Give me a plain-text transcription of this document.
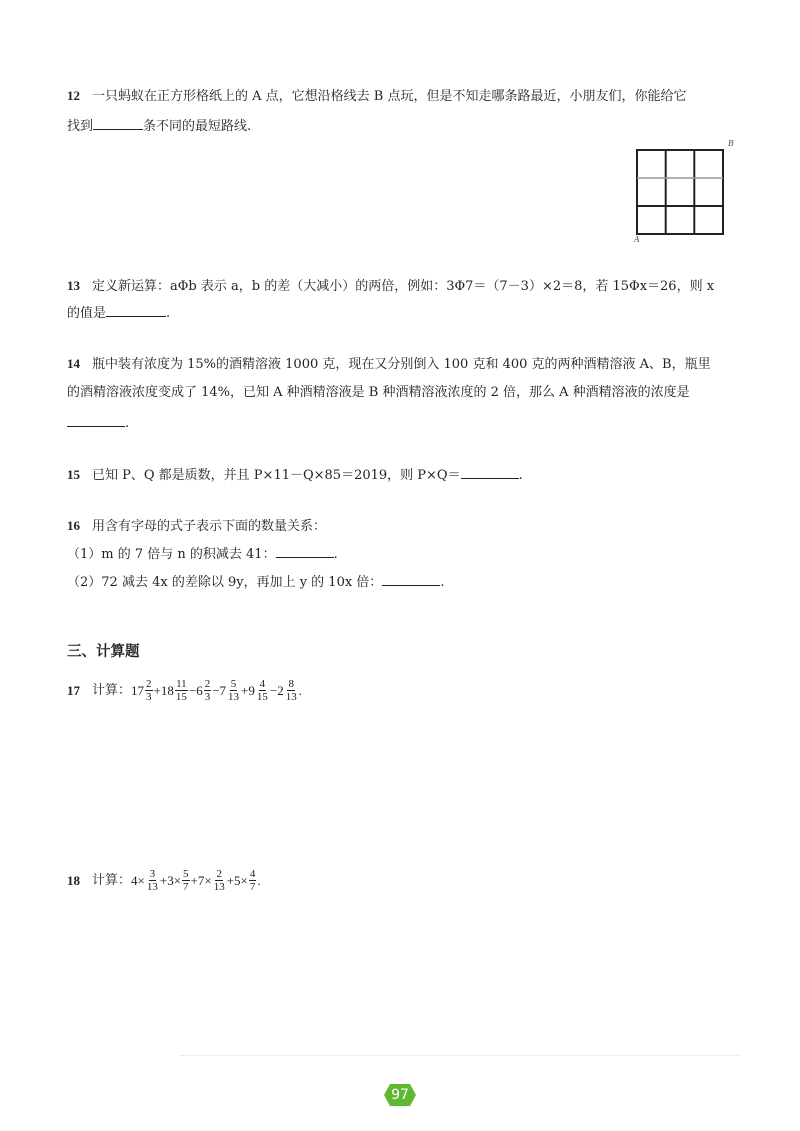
12 一只蚂蚁在正方形格纸上的 A 点，它想沿格线去 B 点玩，但是不知走哪条路最近，小朋友们，你能给它
找到	条不同的最短路线.
B
A
13 定义新运算：aΦb 表示 a，b 的差（大减小）的两倍，例如：3Φ7＝（7－3）×2＝8，若 15Φx＝26，则 x
的值是	.
14 瓶中装有浓度为 15%的酒精溶液 1000 克，现在又分别倒入 100 克和 400 克的两种酒精溶液 A、B，瓶里
的酒精溶液浓度变成了 14%，已知 A 种酒精溶液是 B 种酒精溶液浓度的 2 倍，那么 A 种酒精溶液的浓度是
.
15 已知 P、Q 都是质数，并且 P×11－Q×85＝2019，则 P×Q＝	.
16 用含有字母的式子表示下面的数量关系：
（1）m 的 7 倍与 n 的积减去 41：	.
（2）72 减去 4x 的差除以 9y，再加上 y 的 10x 倍：	.
三、计算题
17 计算： $17 \frac{2}{3} + 18 \frac{11}{15} - 6 \frac{2}{3} - 7 \frac{5}{13} + 9 \frac{4}{15} - 2 \frac{8}{13}$ .
18 计算： $4\times \frac{3}{13} +3\times \frac{5}{7} +7\times \frac{2}{13} +5\times \frac{4}{7}$ .
97
